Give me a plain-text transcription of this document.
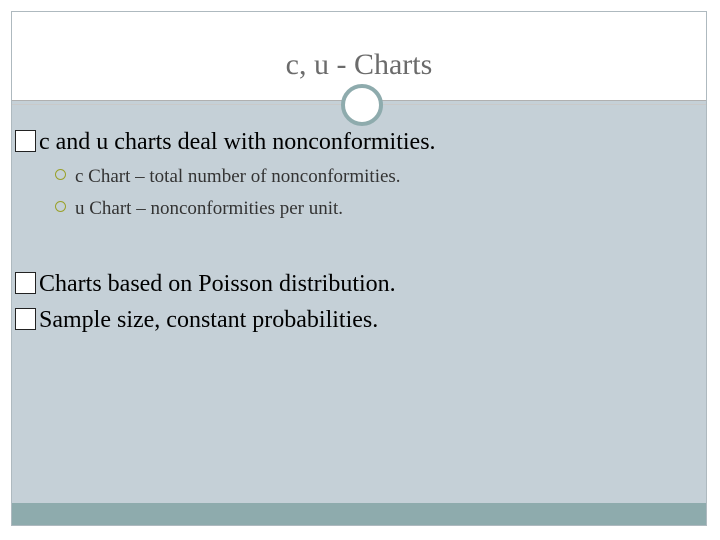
c, u - Charts
c and u charts deal with nonconformities.
c Chart – total number of nonconformities.
u Chart – nonconformities per unit.
Charts based on Poisson distribution.
Sample size, constant probabilities.
